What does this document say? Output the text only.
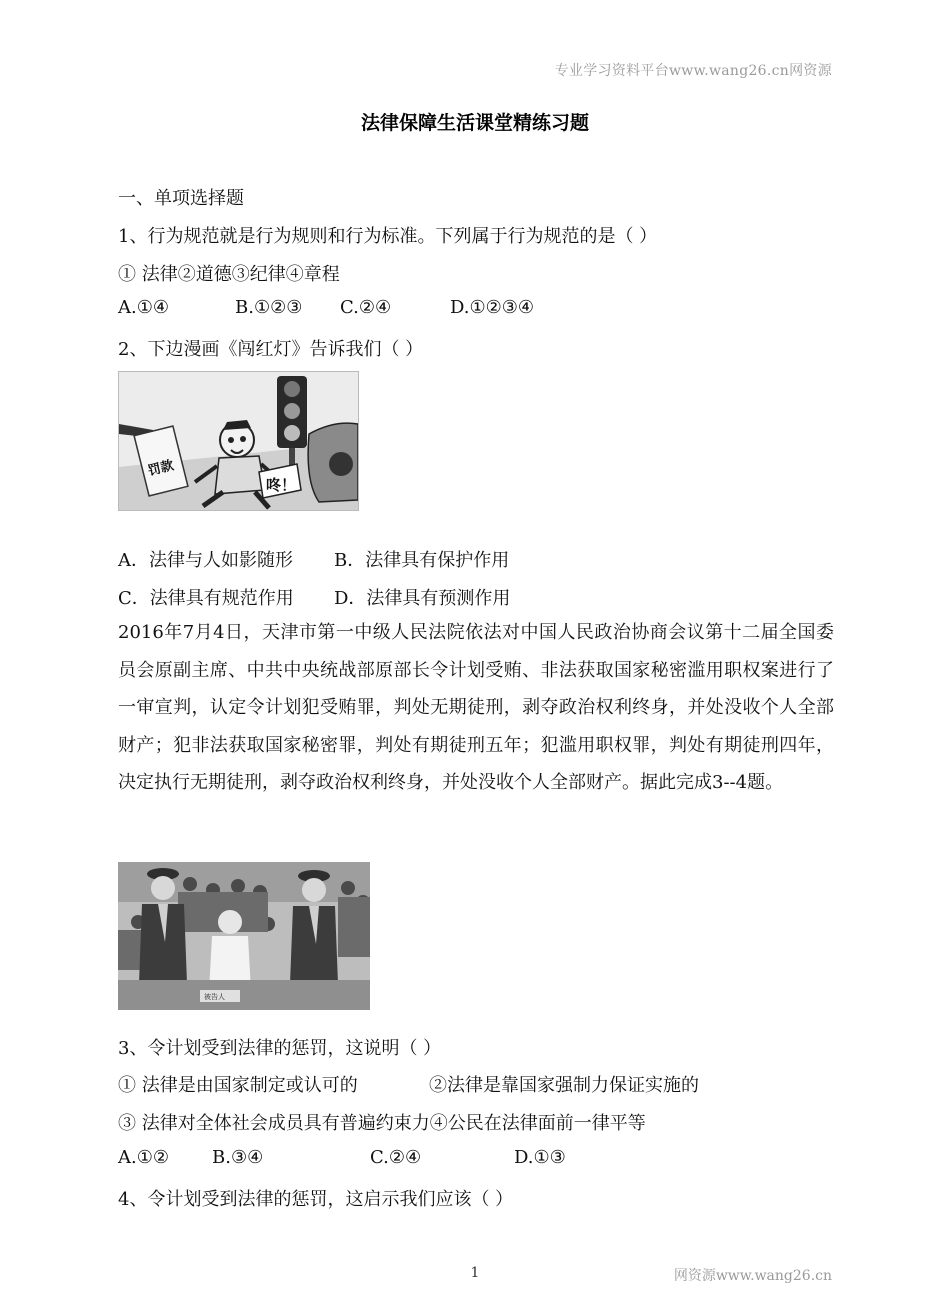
专业学习资料平台www.wang26.cn网资源
法律保障生活课堂精练习题
一、单项选择题
1、行为规范就是行为规则和行为标准。下列属于行为规范的是（ ）
① 法律②道德③纪律④章程
A.①④	B.①②③ C.②④	D.①②③④
2、下边漫画《闯红灯》告诉我们（ ）
罚款
咚！
A．法律与人如影随形 B．法律具有保护作用
C．法律具有规范作用 D．法律具有预测作用
2016年7月4日，天津市第一中级人民法院依法对中国人民政治协商会议第十二届全国委员会原副主席、中共中央统战部原部长令计划受贿、非法获取国家秘密滥用职权案进行了一审宣判，认定令计划犯受贿罪，判处无期徒刑，剥夺政治权利终身，并处没收个人全部财产；犯非法获取国家秘密罪，判处有期徒刑五年；犯滥用职权罪，判处有期徒刑四年，决定执行无期徒刑，剥夺政治权利终身，并处没收个人全部财产。据此完成3--4题。
被告人
3、令计划受到法律的惩罚，这说明（ ）
① 法律是由国家制定或认可的	②法律是靠国家强制力保证实施的
③ 法律对全体社会成员具有普遍约束力④公民在法律面前一律平等
A.①② B.③④	C.②④	D.①③
4、令计划受到法律的惩罚，这启示我们应该（ ）
1	网资源www.wang26.cn
